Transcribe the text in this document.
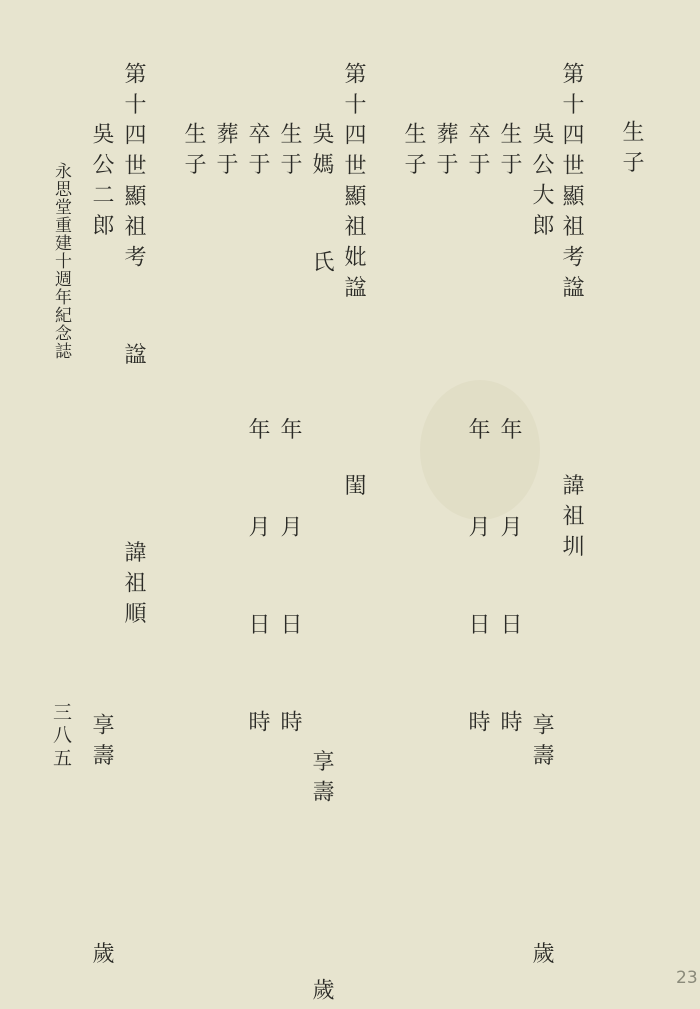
生子
第十四世顯祖考諡     諱祖圳
吳公大郎              享壽     歲
生于       年  月  日  時
卒于       年  月  日  時
葬于
生子
第十四世顯祖妣諡     閨
吳媽  氏              享壽     歲
生于       年  月  日  時
卒于       年  月  日  時
葬于
生子
第十四世顯祖考  諡     諱祖順
吳公二郎              享壽     歲
永思堂重建十週年紀念誌
三八五
23
